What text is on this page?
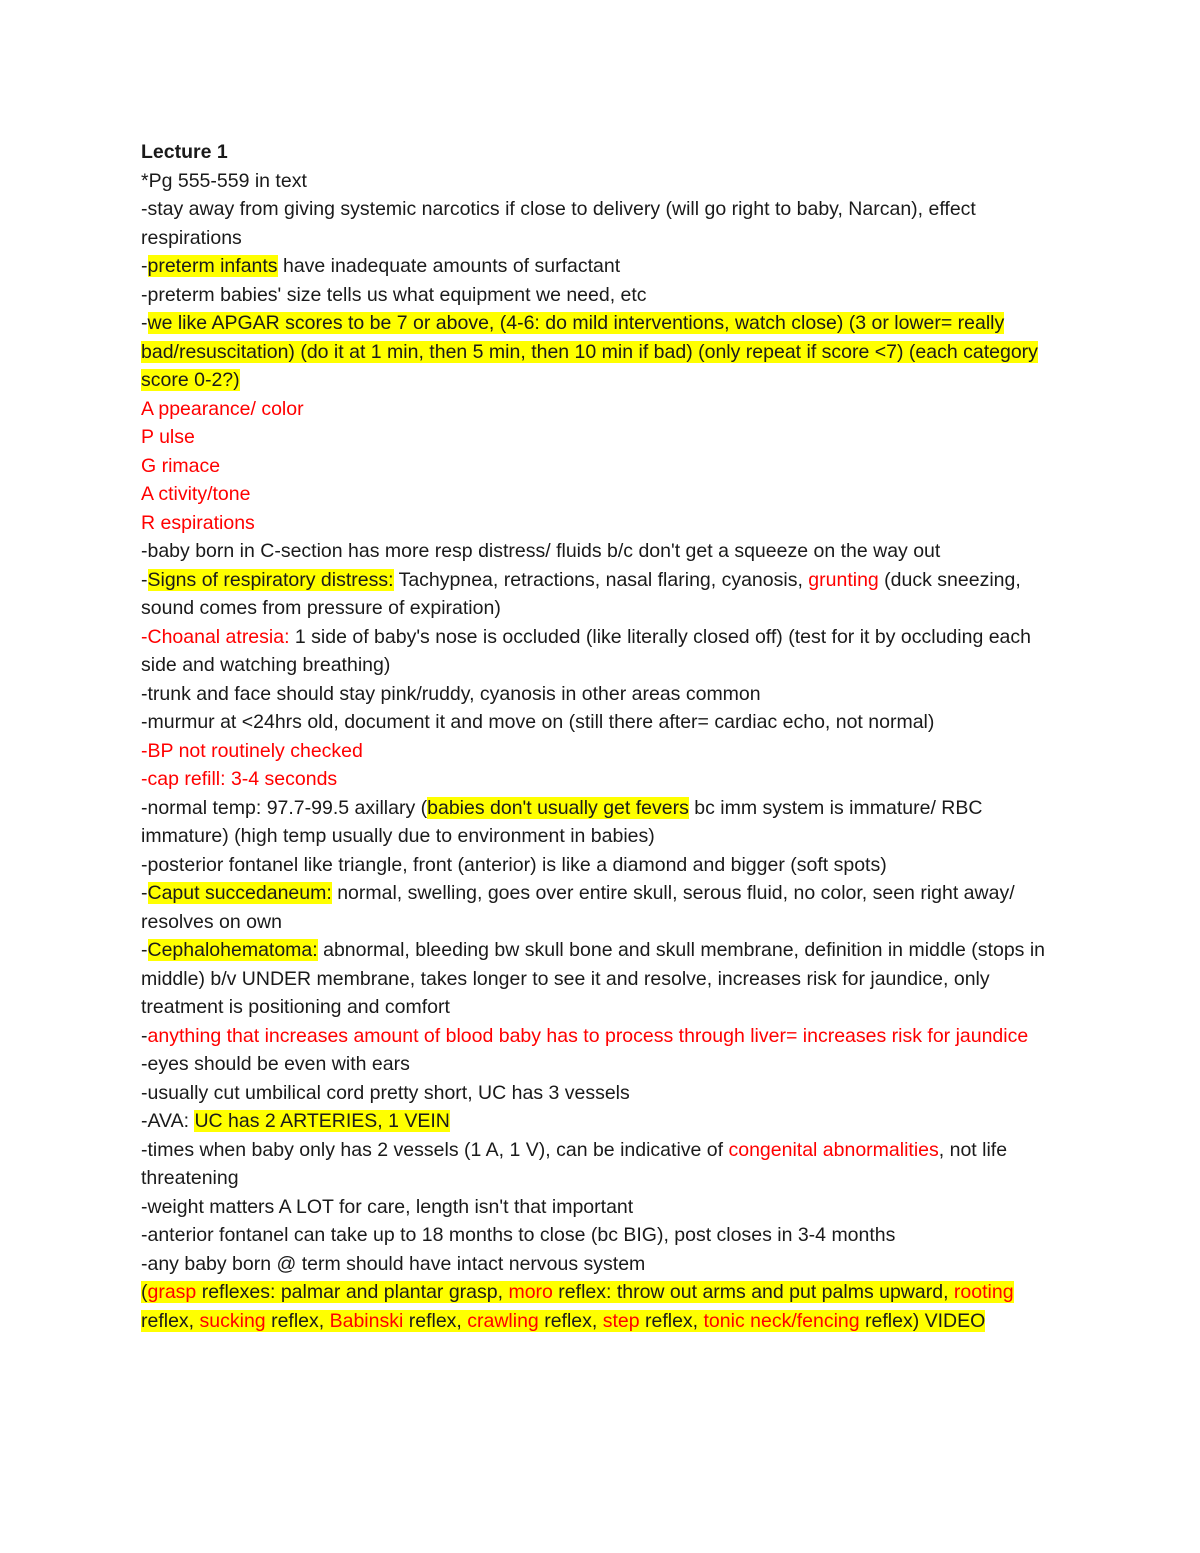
Lecture 1

*Pg 555-559 in text

-stay away from giving systemic narcotics if close to delivery (will go right to baby, Narcan), effect respirations

-preterm infants have inadequate amounts of surfactant

-preterm babies' size tells us what equipment we need, etc

-we like APGAR scores to be 7 or above, (4-6: do mild interventions, watch close) (3 or lower= really bad/resuscitation) (do it at 1 min, then 5 min, then 10 min if bad) (only repeat if score <7) (each category score 0-2?)

A ppearance/ color

P ulse

G rimace

A ctivity/tone

R espirations

-baby born in C-section has more resp distress/ fluids b/c don't get a squeeze on the way out

-Signs of respiratory distress: Tachypnea, retractions, nasal flaring, cyanosis, grunting (duck sneezing, sound comes from pressure of expiration)

-Choanal atresia: 1 side of baby's nose is occluded (like literally closed off) (test for it by occluding each side and watching breathing)

-trunk and face should stay pink/ruddy, cyanosis in other areas common

-murmur at <24hrs old, document it and move on (still there after= cardiac echo, not normal)

-BP not routinely checked

-cap refill: 3-4 seconds

-normal temp: 97.7-99.5 axillary (babies don't usually get fevers bc imm system is immature/ RBC immature) (high temp usually due to environment in babies)

-posterior fontanel like triangle, front (anterior) is like a diamond and bigger (soft spots)

-Caput succedaneum: normal, swelling, goes over entire skull, serous fluid, no color, seen right away/ resolves on own

-Cephalohematoma: abnormal, bleeding bw skull bone and skull membrane, definition in middle (stops in middle) b/v UNDER membrane, takes longer to see it and resolve, increases risk for jaundice, only treatment is positioning and comfort

-anything that increases amount of blood baby has to process through liver= increases risk for jaundice

-eyes should be even with ears

-usually cut umbilical cord pretty short, UC has 3 vessels

-AVA: UC has 2 ARTERIES, 1 VEIN

-times when baby only has 2 vessels (1 A, 1 V), can be indicative of congenital abnormalities, not life threatening

-weight matters A LOT for care, length isn't that important

-anterior fontanel can take up to 18 months to close (bc BIG), post closes in 3-4 months

-any baby born @ term should have intact nervous system

(grasp reflexes: palmar and plantar grasp, moro reflex: throw out arms and put palms upward, rooting reflex, sucking reflex, Babinski reflex, crawling reflex, step reflex, tonic neck/fencing reflex) VIDEO
